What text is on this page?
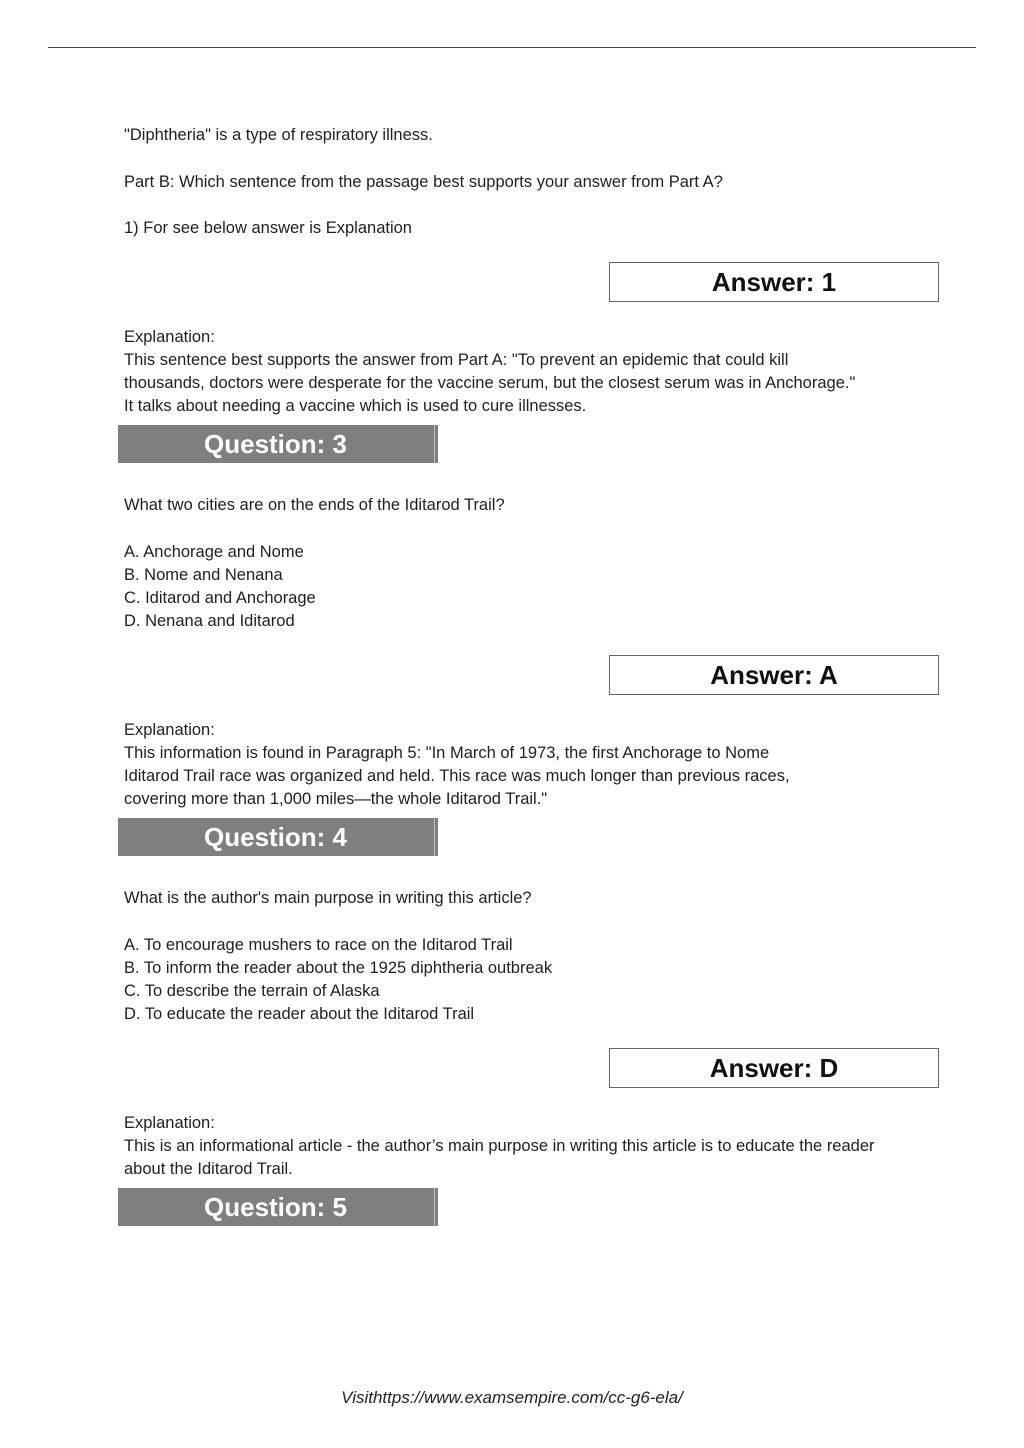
"Diphtheria" is a type of respiratory illness.
Part B: Which sentence from the passage best supports your answer from Part A?
1) For see below answer is Explanation
Answer: 1
Explanation:
This sentence best supports the answer from Part A: "To prevent an epidemic that could kill
thousands, doctors were desperate for the vaccine serum, but the closest serum was in Anchorage."
It talks about needing a vaccine which is used to cure illnesses.
Question: 3
What two cities are on the ends of the Iditarod Trail?
A. Anchorage and Nome
B. Nome and Nenana
C. Iditarod and Anchorage
D. Nenana and Iditarod
Answer: A
Explanation:
This information is found in Paragraph 5: "In March of 1973, the first Anchorage to Nome
Iditarod Trail race was organized and held. This race was much longer than previous races,
covering more than 1,000 miles—the whole Iditarod Trail."
Question: 4
What is the author's main purpose in writing this article?
A. To encourage mushers to race on the Iditarod Trail
B. To inform the reader about the 1925 diphtheria outbreak
C. To describe the terrain of Alaska
D. To educate the reader about the Iditarod Trail
Answer: D
Explanation:
This is an informational article - the author’s main purpose in writing this article is to educate the reader
about the Iditarod Trail.
Question: 5
Visithttps://www.examsempire.com/cc-g6-ela/
